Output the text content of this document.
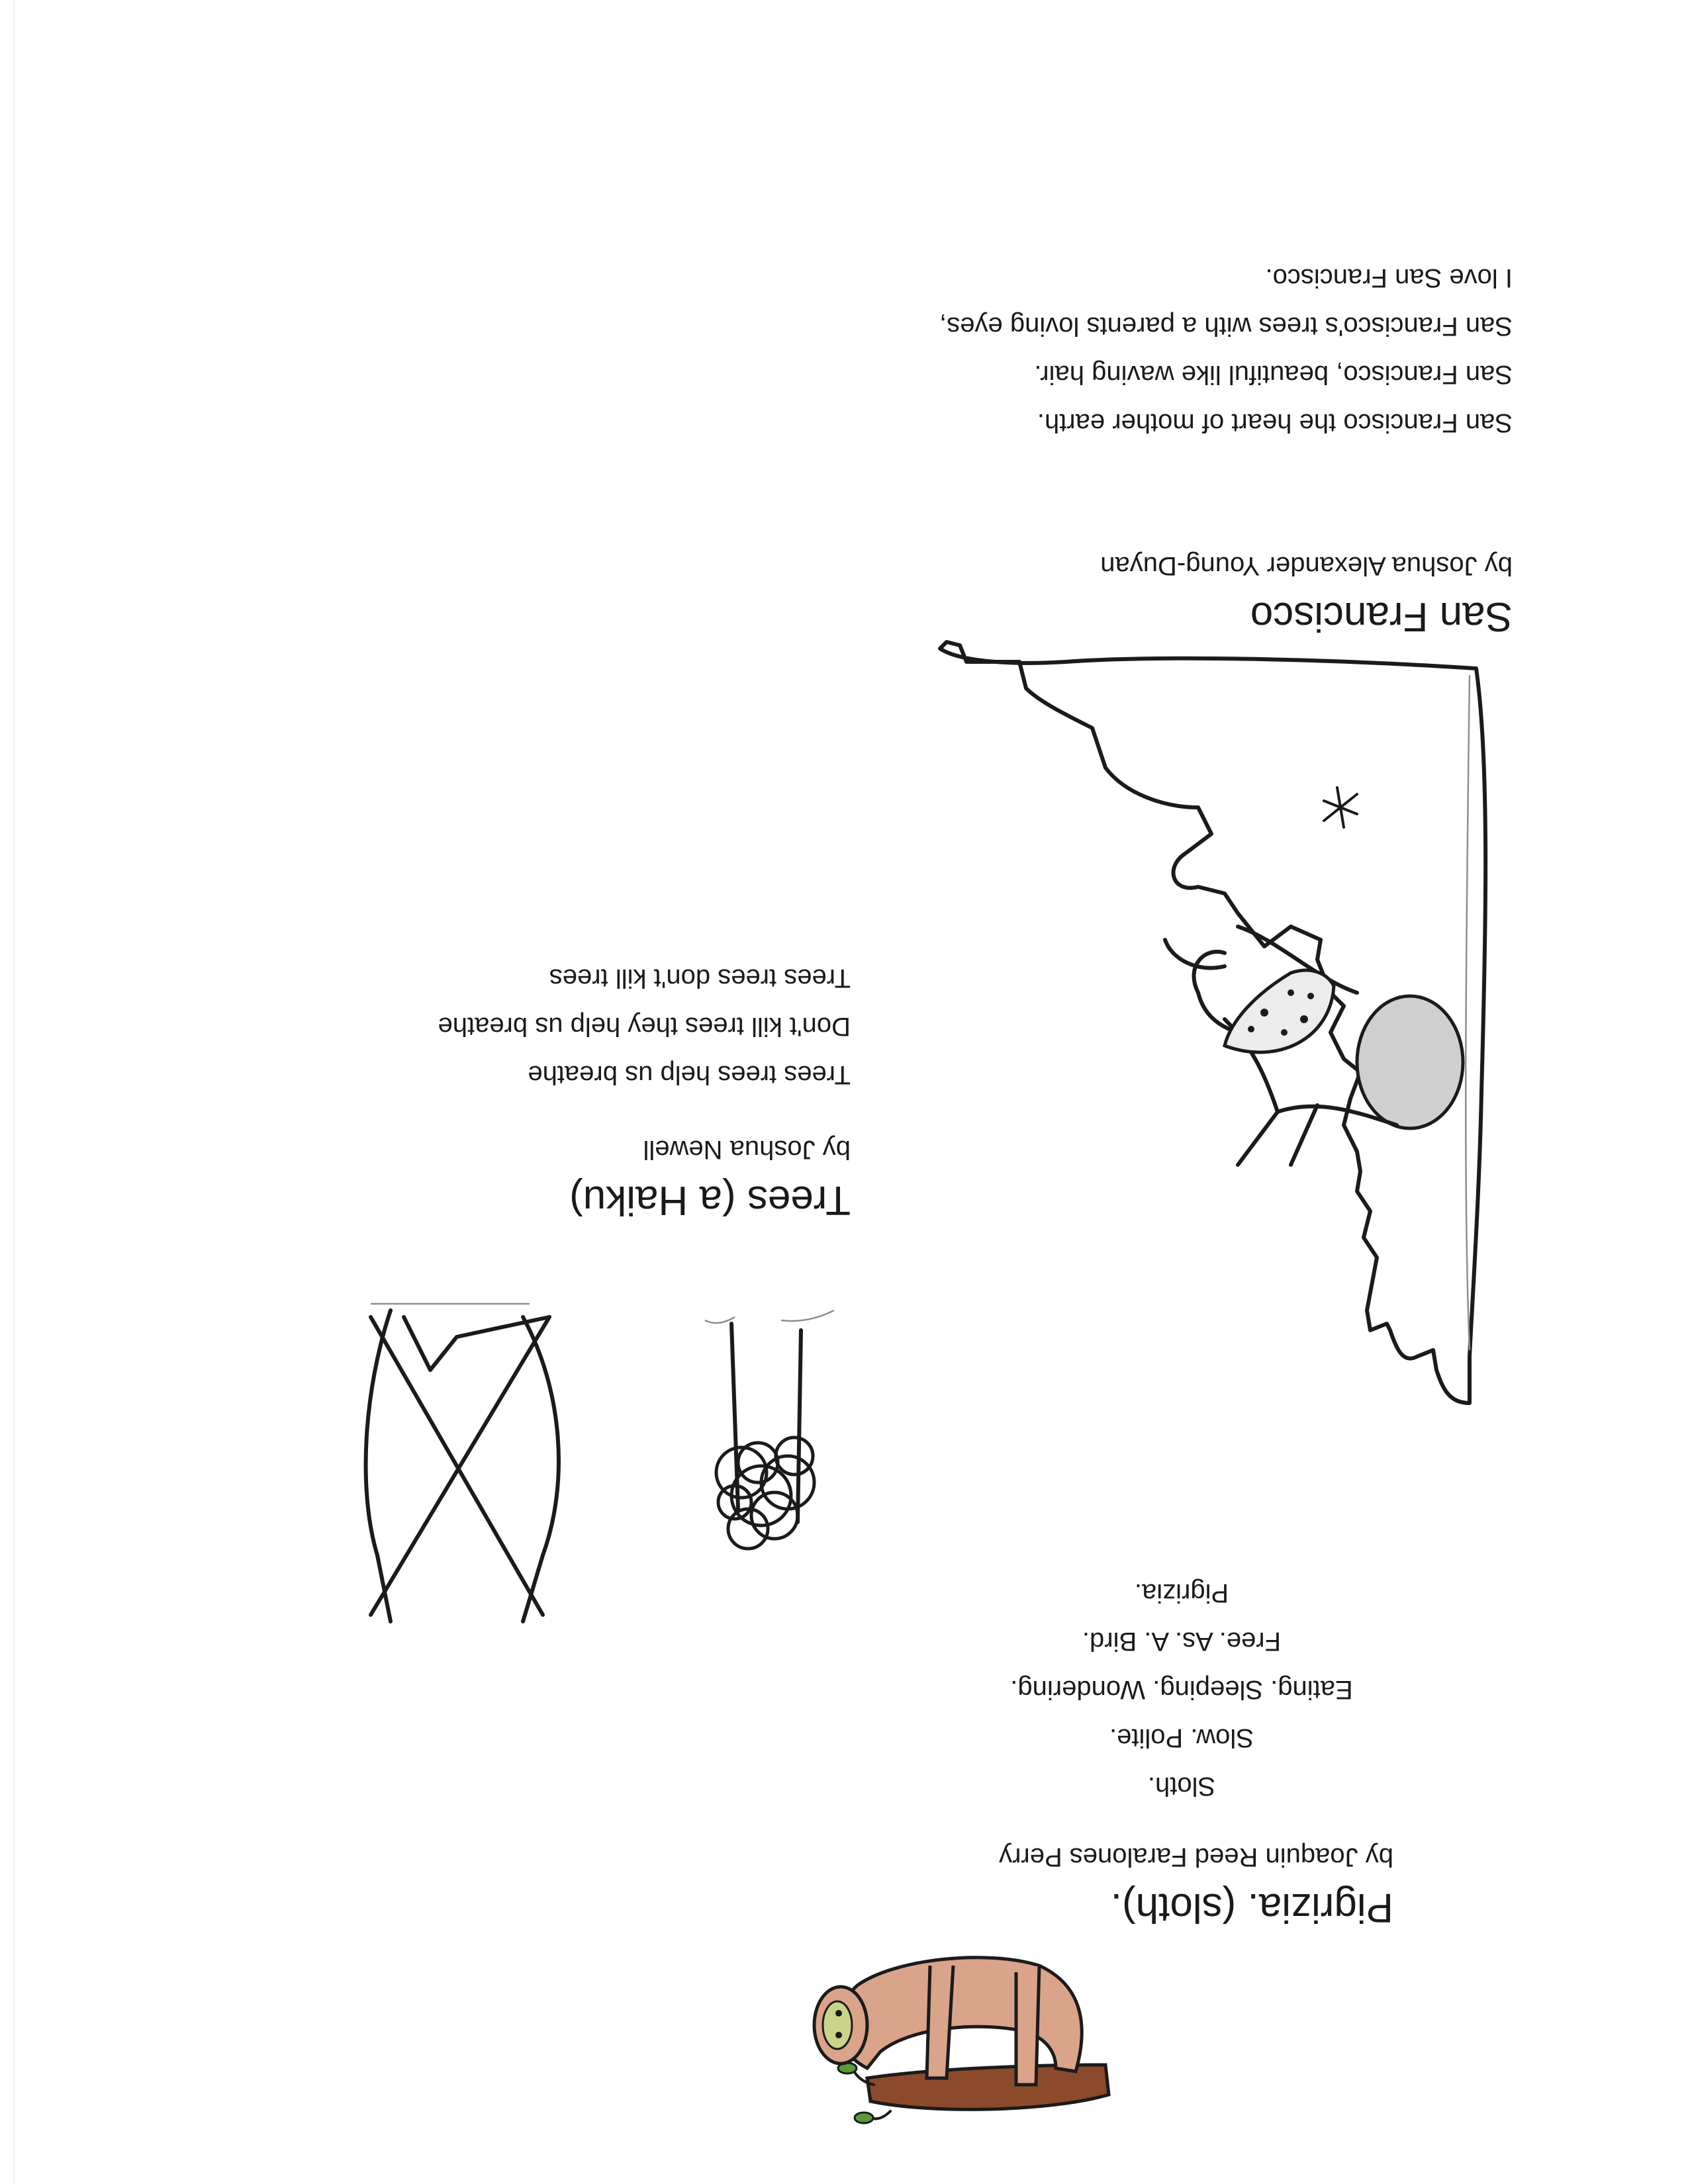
Pigrizia. (sloth).

by Joaquin Reed Faralones Perry

Sloth.
Slow. Polite.
Eating. Sleeping. Wondering.
Free. As. A. Bird.
Pigrizia.
Trees (a Haiku)

by Joshua Newell

Trees trees help us breathe
Don't kill trees they help us breathe
Trees trees don't kill trees
San Francisco

by Joshua Alexander Young-Duyan

San Francisco the heart of mother earth.
San Francisco, beautiful like waving hair.
San Francisco's trees with a parents loving eyes,
I love San Francisco.
